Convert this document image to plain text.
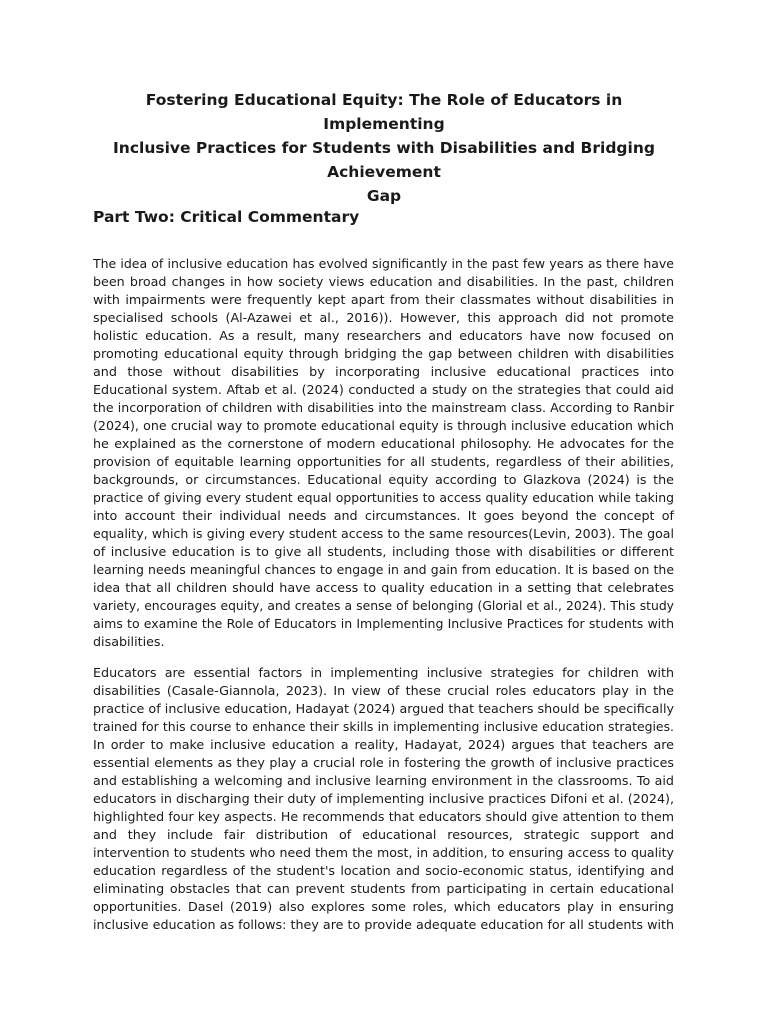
Fostering Educational Equity: The Role of Educators in Implementing
Inclusive Practices for Students with Disabilities and Bridging Achievement
Gap
Part Two: Critical Commentary
The idea of inclusive education has evolved significantly in the past few years as there have
been broad changes in how society views education and disabilities. In the past, children
with impairments were frequently kept apart from their classmates without disabilities in
specialised schools (Al-Azawei et al., 2016)). However, this approach did not promote
holistic education. As a result, many researchers and educators have now focused on
promoting educational equity through bridging the gap between children with disabilities
and those without disabilities by incorporating inclusive educational practices into
Educational system. Aftab et al. (2024) conducted a study on the strategies that could aid
the incorporation of children with disabilities into the mainstream class. According to Ranbir
(2024), one crucial way to promote educational equity is through inclusive education which
he explained as the cornerstone of modern educational philosophy. He advocates for the
provision of equitable learning opportunities for all students, regardless of their abilities,
backgrounds, or circumstances. Educational equity according to Glazkova (2024) is the
practice of giving every student equal opportunities to access quality education while taking
into account their individual needs and circumstances. It goes beyond the concept of
equality, which is giving every student access to the same resources(Levin, 2003). The goal
of inclusive education is to give all students, including those with disabilities or different
learning needs meaningful chances to engage in and gain from education. It is based on the
idea that all children should have access to quality education in a setting that celebrates
variety, encourages equity, and creates a sense of belonging (Glorial et al., 2024). This study
aims to examine the Role of Educators in Implementing Inclusive Practices for students with
disabilities.
Educators are essential factors in implementing inclusive strategies for children with
disabilities (Casale-Giannola, 2023). In view of these crucial roles educators play in the
practice of inclusive education, Hadayat (2024) argued that teachers should be specifically
trained for this course to enhance their skills in implementing inclusive education strategies.
In order to make inclusive education a reality, Hadayat, 2024) argues that teachers are
essential elements as they play a crucial role in fostering the growth of inclusive practices
and establishing a welcoming and inclusive learning environment in the classrooms. To aid
educators in discharging their duty of implementing inclusive practices Difoni et al. (2024),
highlighted four key aspects. He recommends that educators should give attention to them
and they include fair distribution of educational resources, strategic support and
intervention to students who need them the most, in addition, to ensuring access to quality
education regardless of the student's location and socio-economic status, identifying and
eliminating obstacles that can prevent students from participating in certain educational
opportunities. Dasel (2019) also explores some roles, which educators play in ensuring
inclusive education as follows: they are to provide adequate education for all students with
